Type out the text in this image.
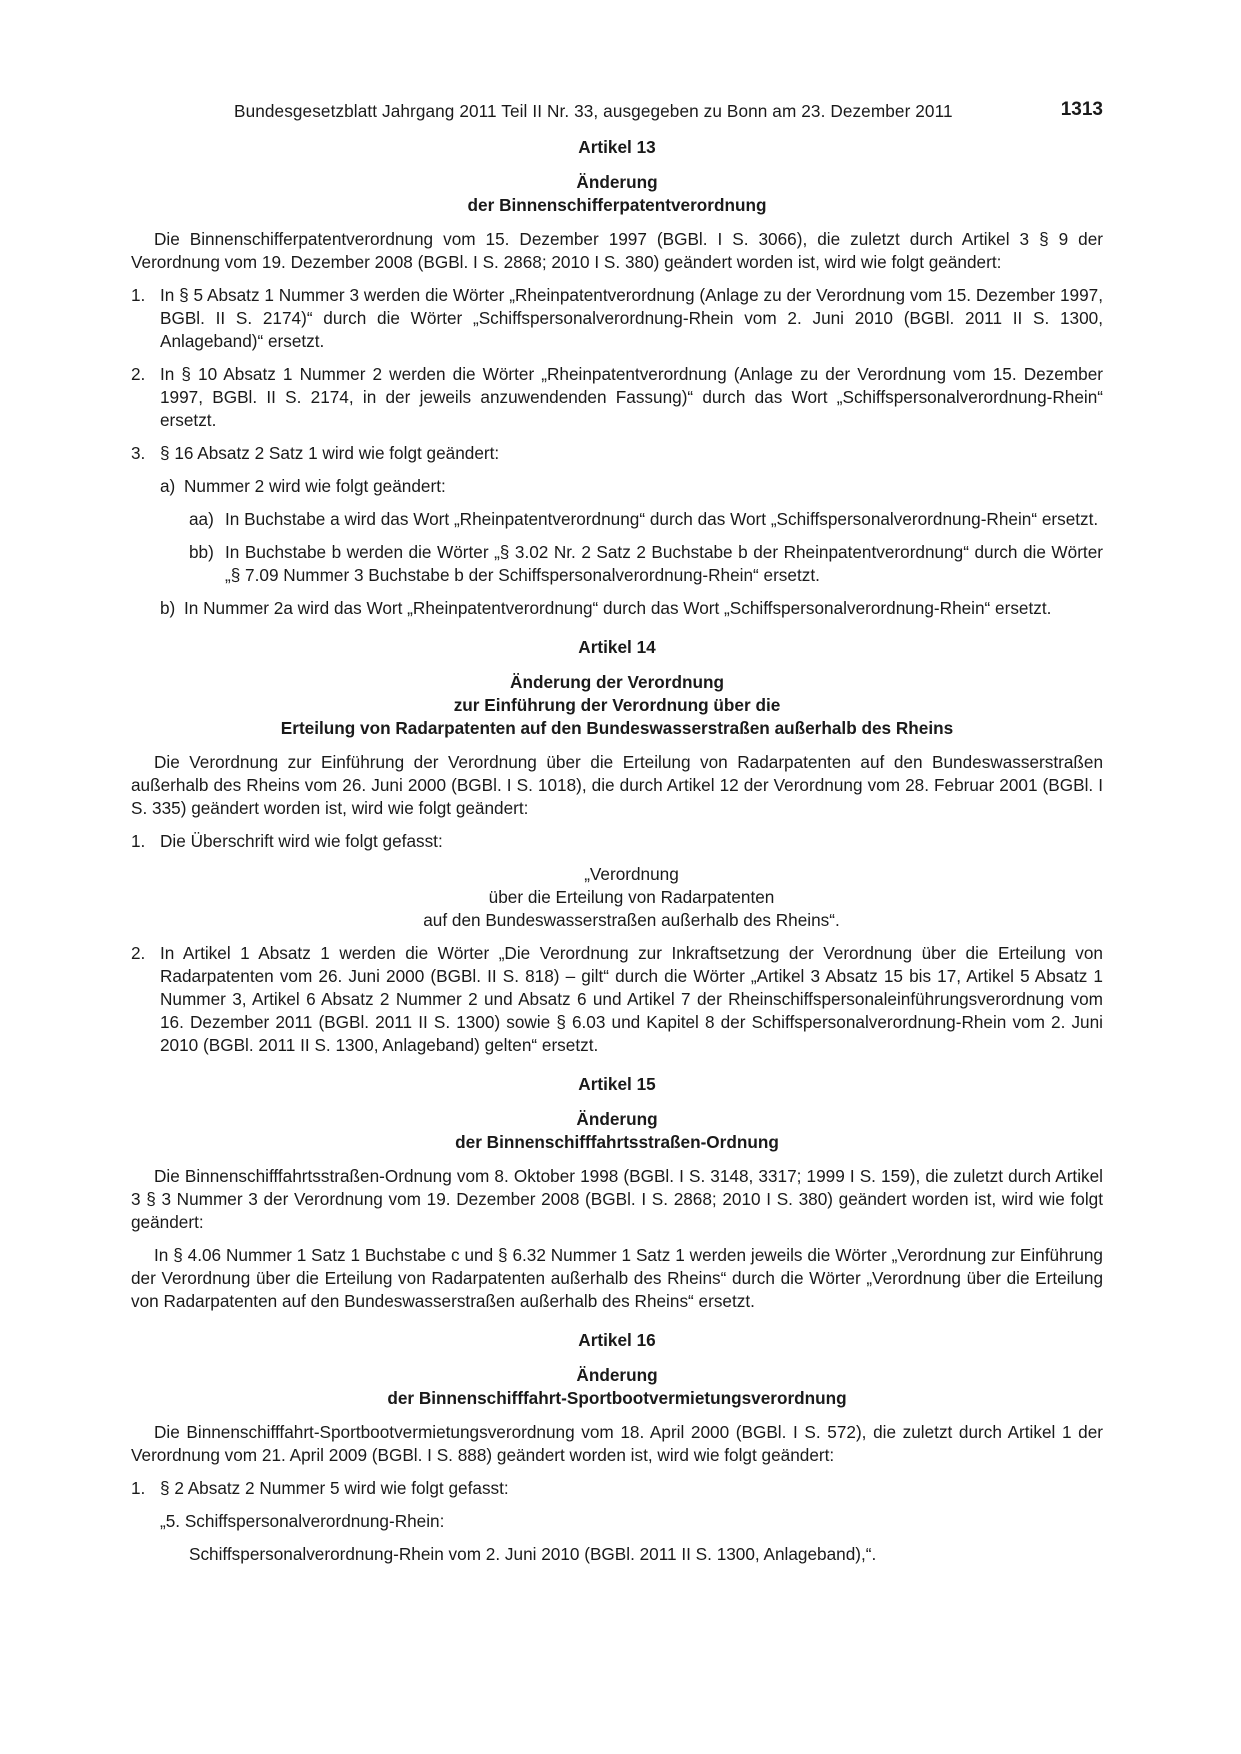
Bundesgesetzblatt Jahrgang 2011 Teil II Nr. 33, ausgegeben zu Bonn am 23. Dezember 2011	1313
Artikel 13
Änderung
der Binnenschifferpatentverordnung

Die Binnenschifferpatentverordnung vom 15. Dezember 1997 (BGBl. I S. 3066), die zuletzt durch Artikel 3 § 9 der Verordnung vom 19. Dezember 2008 (BGBl. I S. 2868; 2010 I S. 380) geändert worden ist, wird wie folgt geändert:

1. In § 5 Absatz 1 Nummer 3 werden die Wörter „Rheinpatentverordnung (Anlage zu der Verordnung vom 15. Dezember 1997, BGBl. II S. 2174)“ durch die Wörter „Schiffspersonalverordnung-Rhein vom 2. Juni 2010 (BGBl. 2011 II S. 1300, Anlageband)“ ersetzt.
2. In § 10 Absatz 1 Nummer 2 werden die Wörter „Rheinpatentverordnung (Anlage zu der Verordnung vom 15. Dezember 1997, BGBl. II S. 2174, in der jeweils anzuwendenden Fassung)“ durch das Wort „Schiffspersonalverordnung-Rhein“ ersetzt.
3. § 16 Absatz 2 Satz 1 wird wie folgt geändert:
a) Nummer 2 wird wie folgt geändert:
aa) In Buchstabe a wird das Wort „Rheinpatentverordnung“ durch das Wort „Schiffspersonalverordnung-Rhein“ ersetzt.
bb) In Buchstabe b werden die Wörter „§ 3.02 Nr. 2 Satz 2 Buchstabe b der Rheinpatentverordnung“ durch die Wörter „§ 7.09 Nummer 3 Buchstabe b der Schiffspersonalverordnung-Rhein“ ersetzt.
b) In Nummer 2a wird das Wort „Rheinpatentverordnung“ durch das Wort „Schiffspersonalverordnung-Rhein“ ersetzt.
Artikel 14
Änderung der Verordnung
zur Einführung der Verordnung über die
Erteilung von Radarpatenten auf den Bundeswasserstraßen außerhalb des Rheins

Die Verordnung zur Einführung der Verordnung über die Erteilung von Radarpatenten auf den Bundeswasserstraßen außerhalb des Rheins vom 26. Juni 2000 (BGBl. I S. 1018), die durch Artikel 12 der Verordnung vom 28. Februar 2001 (BGBl. I S. 335) geändert worden ist, wird wie folgt geändert:

1. Die Überschrift wird wie folgt gefasst:
„Verordnung
über die Erteilung von Radarpatenten
auf den Bundeswasserstraßen außerhalb des Rheins“.
2. In Artikel 1 Absatz 1 werden die Wörter „Die Verordnung zur Inkraftsetzung der Verordnung über die Erteilung von Radarpatenten vom 26. Juni 2000 (BGBl. II S. 818) – gilt“ durch die Wörter „Artikel 3 Absatz 15 bis 17, Artikel 5 Absatz 1 Nummer 3, Artikel 6 Absatz 2 Nummer 2 und Absatz 6 und Artikel 7 der Rheinschiffspersonaleinführungsverordnung vom 16. Dezember 2011 (BGBl. 2011 II S. 1300) sowie § 6.03 und Kapitel 8 der Schiffspersonalverordnung-Rhein vom 2. Juni 2010 (BGBl. 2011 II S. 1300, Anlageband) gelten“ ersetzt.
Artikel 15
Änderung
der Binnenschifffahrtsstraßen-Ordnung

Die Binnenschifffahrtsstraßen-Ordnung vom 8. Oktober 1998 (BGBl. I S. 3148, 3317; 1999 I S. 159), die zuletzt durch Artikel 3 § 3 Nummer 3 der Verordnung vom 19. Dezember 2008 (BGBl. I S. 2868; 2010 I S. 380) geändert worden ist, wird wie folgt geändert:

In § 4.06 Nummer 1 Satz 1 Buchstabe c und § 6.32 Nummer 1 Satz 1 werden jeweils die Wörter „Verordnung zur Einführung der Verordnung über die Erteilung von Radarpatenten außerhalb des Rheins“ durch die Wörter „Verordnung über die Erteilung von Radarpatenten auf den Bundeswasserstraßen außerhalb des Rheins“ ersetzt.

Artikel 16
Änderung
der Binnenschifffahrt-Sportbootvermietungsverordnung

Die Binnenschifffahrt-Sportbootvermietungsverordnung vom 18. April 2000 (BGBl. I S. 572), die zuletzt durch Artikel 1 der Verordnung vom 21. April 2009 (BGBl. I S. 888) geändert worden ist, wird wie folgt geändert:

1. § 2 Absatz 2 Nummer 5 wird wie folgt gefasst:
„5. Schiffspersonalverordnung-Rhein:
Schiffspersonalverordnung-Rhein vom 2. Juni 2010 (BGBl. 2011 II S. 1300, Anlageband),“.
